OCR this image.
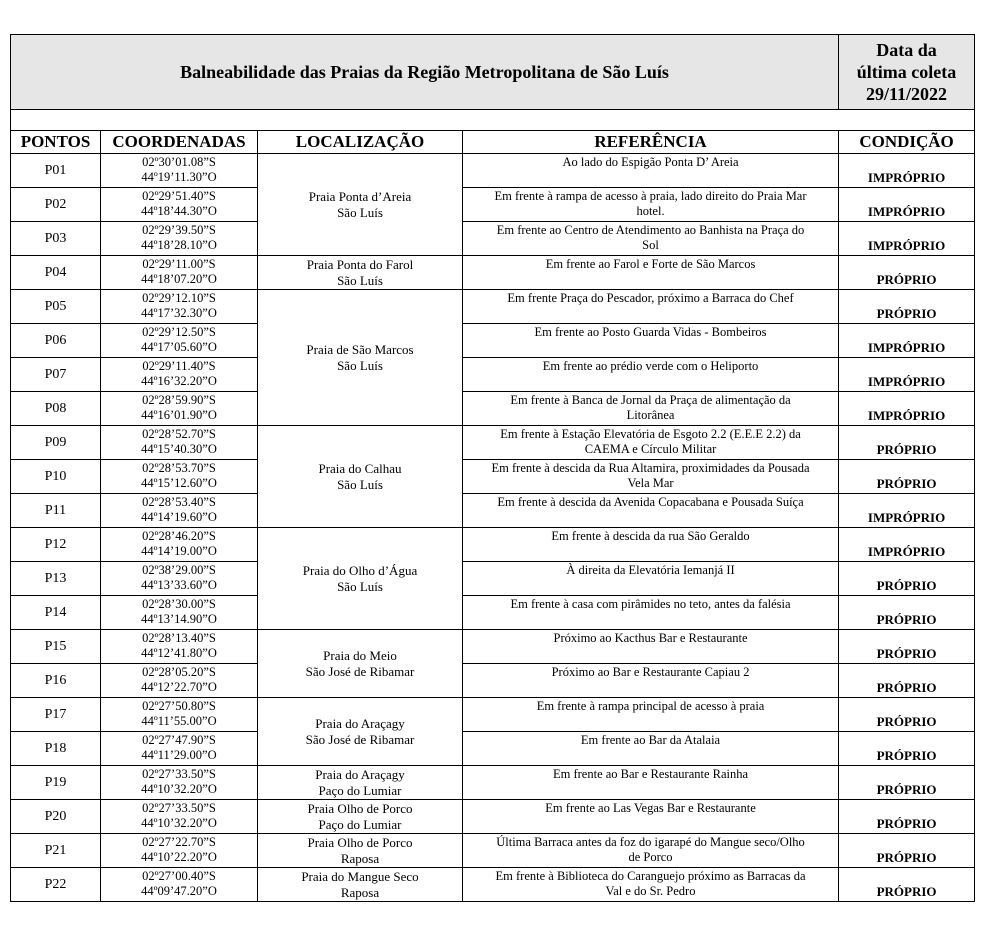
Balneabilidade das Praias da Região Metropolitana de São Luís				Data da
última coleta
29/11/2022

PONTOS	COORDENADAS	LOCALIZAÇÃO	REFERÊNCIA	CONDIÇÃO
P01	02º30’01.08”S
44º19’11.30”O	Praia Ponta d’Areia
São Luís	Ao lado do Espigão Ponta D’ Areia	IMPRÓPRIO
P02	02º29’51.40”S
44º18’44.30”O		Em frente à rampa de acesso à praia, lado direito do Praia Mar
hotel.	IMPRÓPRIO
P03	02º29’39.50”S
44º18’28.10”O		Em frente ao Centro de Atendimento ao Banhista na Praça do
Sol	IMPRÓPRIO
P04	02º29’11.00”S
44º18’07.20”O	Praia Ponta do Farol
São Luís	Em frente ao Farol e Forte de São Marcos	PRÓPRIO
P05	02º29’12.10”S
44º17’32.30”O	Praia de São Marcos
São Luís	Em frente Praça do Pescador, próximo a Barraca do Chef	PRÓPRIO
P06	02º29’12.50”S
44º17’05.60”O		Em frente ao Posto Guarda Vidas - Bombeiros	IMPRÓPRIO
P07	02º29’11.40”S
44º16’32.20”O		Em frente ao prédio verde com o Heliporto	IMPRÓPRIO
P08	02º28’59.90”S
44º16’01.90”O		Em frente à Banca de Jornal da Praça de alimentação da
Litorânea	IMPRÓPRIO
P09	02º28’52.70”S
44º15’40.30”O	Praia do Calhau
São Luís	Em frente à Estação Elevatória de Esgoto 2.2 (E.E.E 2.2) da
CAEMA e Círculo Militar	PRÓPRIO
P10	02º28’53.70”S
44º15’12.60”O		Em frente à descida da Rua Altamira, proximidades da Pousada
Vela Mar	PRÓPRIO
P11	02º28’53.40”S
44º14’19.60”O		Em frente à descida da Avenida Copacabana e Pousada Suíça	IMPRÓPRIO
P12	02º28’46.20”S
44º14’19.00”O	Praia do Olho d’Água
São Luís	Em frente à descida da rua São Geraldo	IMPRÓPRIO
P13	02º38’29.00”S
44º13’33.60”O		À direita da Elevatória Iemanjá II	PRÓPRIO
P14	02º28’30.00”S
44º13’14.90”O		Em frente à casa com pirâmides no teto, antes da falésia	PRÓPRIO
P15	02º28’13.40”S
44º12’41.80”O	Praia do Meio
São José de Ribamar	Próximo ao Kacthus Bar e Restaurante	PRÓPRIO
P16	02º28’05.20”S
44º12’22.70”O		Próximo ao Bar e Restaurante Capiau 2	PRÓPRIO
P17	02º27’50.80”S
44º11’55.00”O	Praia do Araçagy
São José de Ribamar	Em frente à rampa principal de acesso à praia	PRÓPRIO
P18	02º27’47.90”S
44º11’29.00”O		Em frente ao Bar da Atalaia	PRÓPRIO
P19	02º27’33.50”S
44º10’32.20”O	Praia do Araçagy
Paço do Lumiar	Em frente ao Bar e Restaurante Rainha	PRÓPRIO
P20	02º27’33.50”S
44º10’32.20”O	Praia Olho de Porco
Paço do Lumiar	Em frente ao Las Vegas Bar e Restaurante	PRÓPRIO
P21	02º27’22.70”S
44º10’22.20”O	Praia Olho de Porco
Raposa	Última Barraca antes da foz do igarapé do Mangue seco/Olho
de Porco	PRÓPRIO
P22	02º27’00.40”S
44º09’47.20”O	Praia do Mangue Seco
Raposa	Em frente à Biblioteca do Caranguejo próximo as Barracas da
Val e do Sr. Pedro	PRÓPRIO
